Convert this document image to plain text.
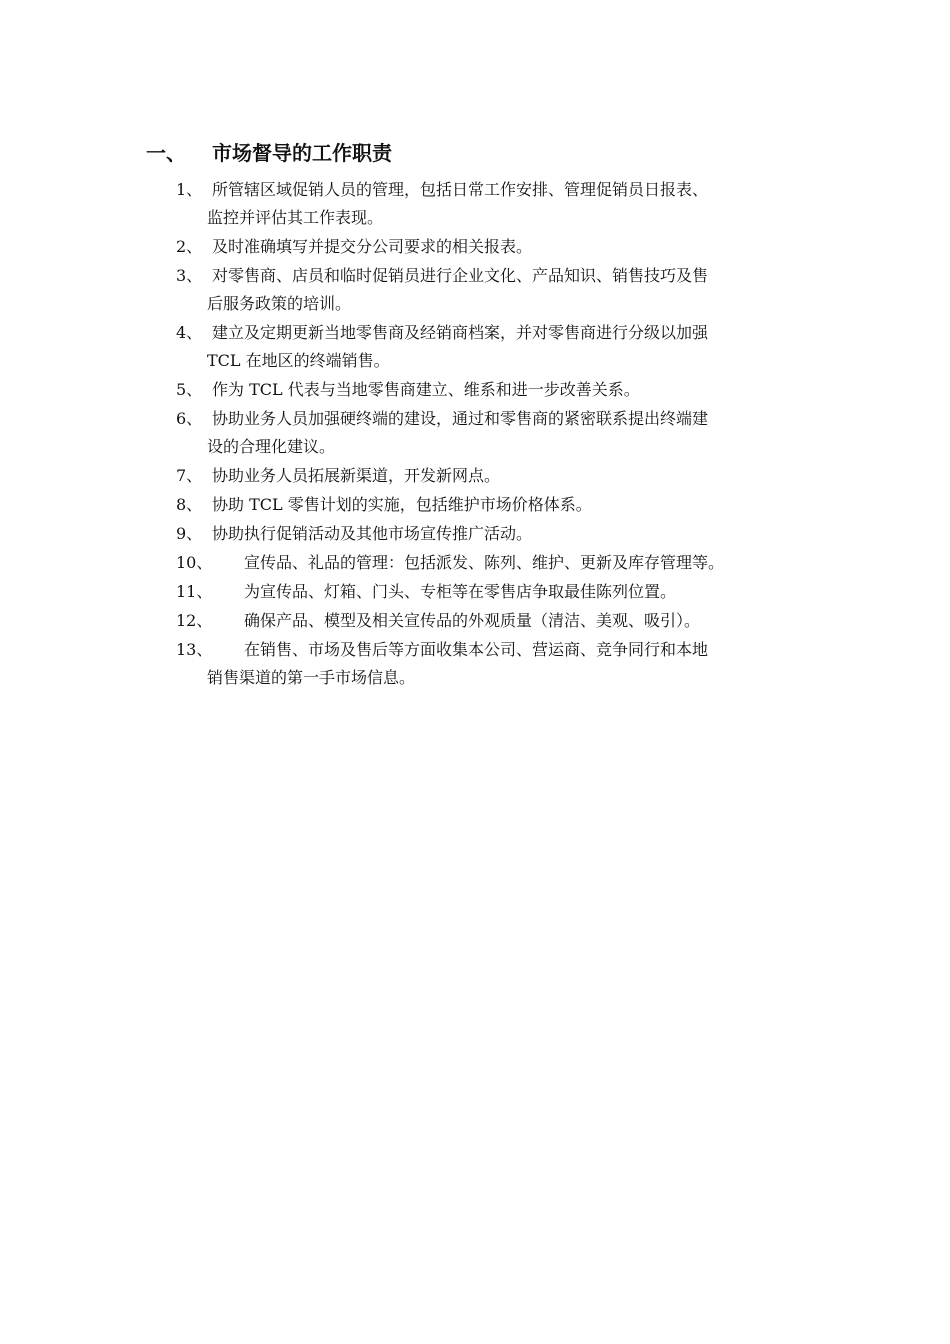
一、 市场督导的工作职责
1、 所管辖区域促销人员的管理，包括日常工作安排、管理促销员日报表、
监控并评估其工作表现。
2、 及时准确填写并提交分公司要求的相关报表。
3、 对零售商、店员和临时促销员进行企业文化、产品知识、销售技巧及售
后服务政策的培训。
4、 建立及定期更新当地零售商及经销商档案，并对零售商进行分级以加强
TCL 在地区的终端销售。
5、 作为 TCL 代表与当地零售商建立、维系和进一步改善关系。
6、 协助业务人员加强硬终端的建设，通过和零售商的紧密联系提出终端建
设的合理化建议。
7、 协助业务人员拓展新渠道，开发新网点。
8、 协助 TCL 零售计划的实施，包括维护市场价格体系。
9、 协助执行促销活动及其他市场宣传推广活动。
10、	宣传品、礼品的管理：包括派发、陈列、维护、更新及库存管理等。
11、	为宣传品、灯箱、门头、专柜等在零售店争取最佳陈列位置。
12、	确保产品、模型及相关宣传品的外观质量（清洁、美观、吸引）。
13、	在销售、市场及售后等方面收集本公司、营运商、竞争同行和本地
销售渠道的第一手市场信息。
